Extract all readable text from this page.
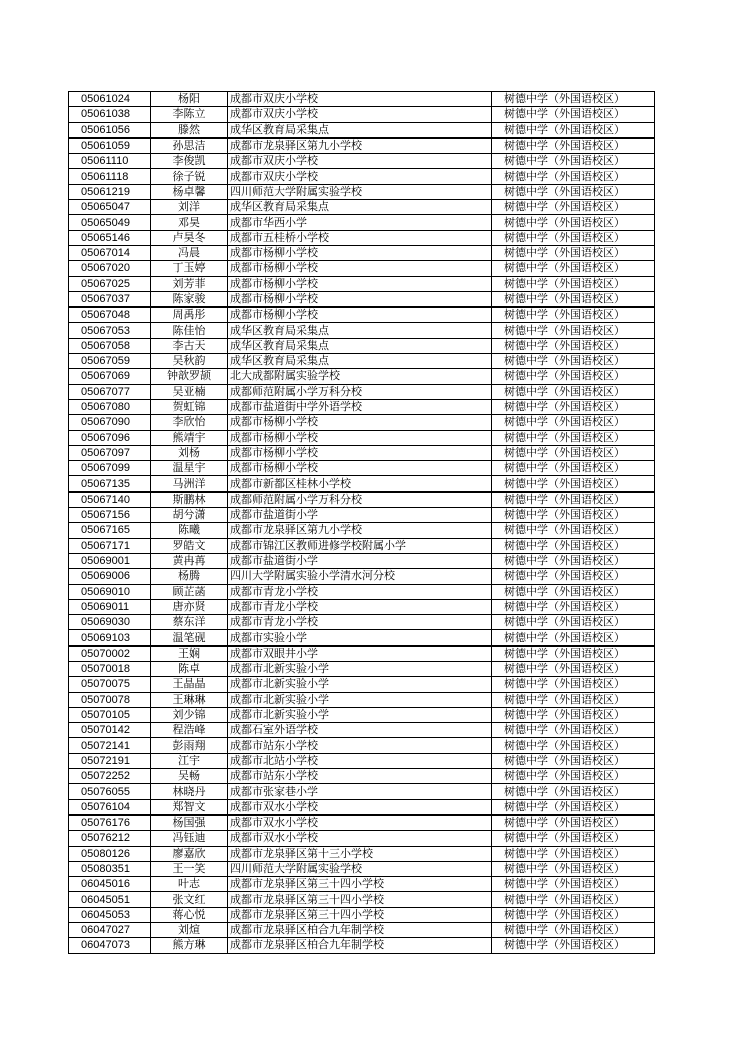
05061024	杨阳	成都市双庆小学校	树德中学（外国语校区）
05061038	李陈立	成都市双庆小学校	树德中学（外国语校区）
05061056	滕然	成华区教育局采集点	树德中学（外国语校区）
05061059	孙思洁	成都市龙泉驿区第九小学校	树德中学（外国语校区）
05061110	李俊凯	成都市双庆小学校	树德中学（外国语校区）
05061118	徐子锐	成都市双庆小学校	树德中学（外国语校区）
05061219	杨卓馨	四川师范大学附属实验学校	树德中学（外国语校区）
05065047	刘洋	成华区教育局采集点	树德中学（外国语校区）
05065049	邓昊	成都市华西小学	树德中学（外国语校区）
05065146	卢昊冬	成都市五桂桥小学校	树德中学（外国语校区）
05067014	冯晨	成都市杨柳小学校	树德中学（外国语校区）
05067020	丁玉婷	成都市杨柳小学校	树德中学（外国语校区）
05067025	刘芳菲	成都市杨柳小学校	树德中学（外国语校区）
05067037	陈家骏	成都市杨柳小学校	树德中学（外国语校区）
05067048	周禹彤	成都市杨柳小学校	树德中学（外国语校区）
05067053	陈佳怡	成华区教育局采集点	树德中学（外国语校区）
05067058	李古天	成华区教育局采集点	树德中学（外国语校区）
05067059	吴秋韵	成华区教育局采集点	树德中学（外国语校区）
05067069	钟歆罗颉	北大成都附属实验学校	树德中学（外国语校区）
05067077	吴亚楠	成都师范附属小学万科分校	树德中学（外国语校区）
05067080	贺虹锦	成都市盐道街中学外语学校	树德中学（外国语校区）
05067090	李欣怡	成都市杨柳小学校	树德中学（外国语校区）
05067096	熊靖宇	成都市杨柳小学校	树德中学（外国语校区）
05067097	刘杨	成都市杨柳小学校	树德中学（外国语校区）
05067099	温星宇	成都市杨柳小学校	树德中学（外国语校区）
05067135	马洲洋	成都市新都区桂林小学校	树德中学（外国语校区）
05067140	斯鹏林	成都师范附属小学万科分校	树德中学（外国语校区）
05067156	胡兮潇	成都市盐道街小学	树德中学（外国语校区）
05067165	陈曦	成都市龙泉驿区第九小学校	树德中学（外国语校区）
05067171	罗皓文	成都市锦江区教师进修学校附属小学	树德中学（外国语校区）
05069001	黄冉苒	成都市盐道街小学	树德中学（外国语校区）
05069006	杨腾	四川大学附属实验小学清水河分校	树德中学（外国语校区）
05069010	顾芷菡	成都市青龙小学校	树德中学（外国语校区）
05069011	唐亦贤	成都市青龙小学校	树德中学（外国语校区）
05069030	蔡东洋	成都市青龙小学校	树德中学（外国语校区）
05069103	温笔砚	成都市实验小学	树德中学（外国语校区）
05070002	王娴	成都市双眼井小学	树德中学（外国语校区）
05070018	陈卓	成都市北新实验小学	树德中学（外国语校区）
05070075	王晶晶	成都市北新实验小学	树德中学（外国语校区）
05070078	王琳琳	成都市北新实验小学	树德中学（外国语校区）
05070105	刘少锦	成都市北新实验小学	树德中学（外国语校区）
05070142	程浩峰	成都石室外语学校	树德中学（外国语校区）
05072141	彭雨翔	成都市站东小学校	树德中学（外国语校区）
05072191	江宇	成都市北站小学校	树德中学（外国语校区）
05072252	吴畅	成都市站东小学校	树德中学（外国语校区）
05076055	林晓丹	成都市张家巷小学	树德中学（外国语校区）
05076104	郑智文	成都市双水小学校	树德中学（外国语校区）
05076176	杨国强	成都市双水小学校	树德中学（外国语校区）
05076212	冯钰迪	成都市双水小学校	树德中学（外国语校区）
05080126	廖嘉欣	成都市龙泉驿区第十三小学校	树德中学（外国语校区）
05080351	王一笑	四川师范大学附属实验学校	树德中学（外国语校区）
06045016	叶志	成都市龙泉驿区第三十四小学校	树德中学（外国语校区）
06045051	张文红	成都市龙泉驿区第三十四小学校	树德中学（外国语校区）
06045053	蒋心悦	成都市龙泉驿区第三十四小学校	树德中学（外国语校区）
06047027	刘煊	成都市龙泉驿区柏合九年制学校	树德中学（外国语校区）
06047073	熊方琳	成都市龙泉驿区柏合九年制学校	树德中学（外国语校区）
